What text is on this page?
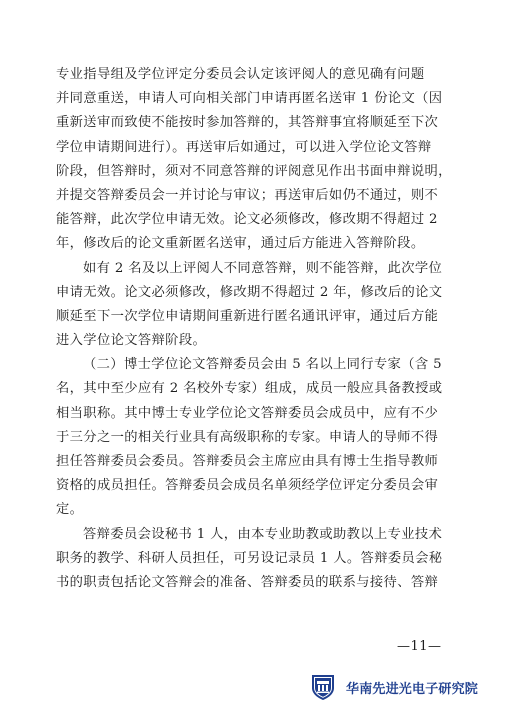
专业指导组及学位评定分委员会认定该评阅人的意见确有问题
并同意重送，申请人可向相关部门申请再匿名送审 1 份论文（因
重新送审而致使不能按时参加答辩的，其答辩事宜将顺延至下次
学位申请期间进行）。再送审后如通过，可以进入学位论文答辩
阶段，但答辩时，须对不同意答辩的评阅意见作出书面申辩说明，
并提交答辩委员会一并讨论与审议；再送审后如仍不通过，则不
能答辩，此次学位申请无效。论文必须修改，修改期不得超过 2
年，修改后的论文重新匿名送审，通过后方能进入答辩阶段。
如有 2 名及以上评阅人不同意答辩，则不能答辩，此次学位
申请无效。论文必须修改，修改期不得超过 2 年，修改后的论文
顺延至下一次学位申请期间重新进行匿名通讯评审，通过后方能
进入学位论文答辩阶段。
（二）博士学位论文答辩委员会由 5 名以上同行专家（含 5
名，其中至少应有 2 名校外专家）组成，成员一般应具备教授或
相当职称。其中博士专业学位论文答辩委员会成员中，应有不少
于三分之一的相关行业具有高级职称的专家。申请人的导师不得
担任答辩委员会委员。答辩委员会主席应由具有博士生指导教师
资格的成员担任。答辩委员会成员名单须经学位评定分委员会审
定。
答辩委员会设秘书 1 人，由本专业助教或助教以上专业技术
职务的教学、科研人员担任，可另设记录员 1 人。答辩委员会秘
书的职责包括论文答辩会的准备、答辩委员的联系与接待、答辩
—11—
华南先进光电子研究院
